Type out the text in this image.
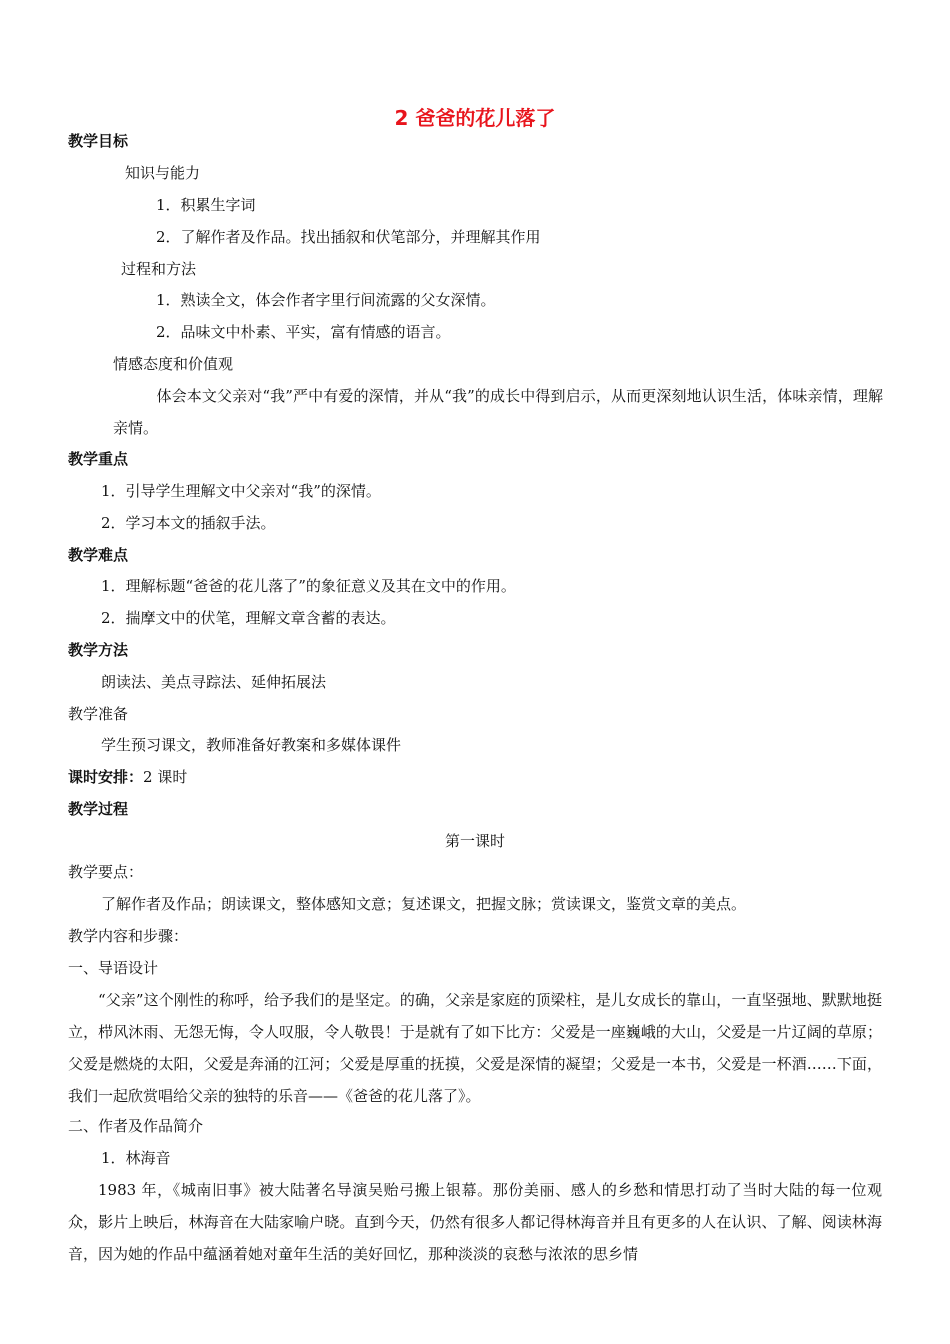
2 爸爸的花儿落了
教学目标
知识与能力
1．积累生字词
2．了解作者及作品。找出插叙和伏笔部分，并理解其作用
过程和方法
1．熟读全文，体会作者字里行间流露的父女深情。
2．品味文中朴素、平实，富有情感的语言。
情感态度和价值观
体会本文父亲对“我”严中有爱的深情，并从“我”的成长中得到启示，从而更深刻地认识生活，体味亲情，理解亲情。
教学重点
1．引导学生理解文中父亲对“我”的深情。
2．学习本文的插叙手法。
教学难点
1．理解标题“爸爸的花儿落了”的象征意义及其在文中的作用。
2．揣摩文中的伏笔，理解文章含蓄的表达。
教学方法
朗读法、美点寻踪法、延伸拓展法
教学准备
学生预习课文，教师准备好教案和多媒体课件
课时安排：2 课时
教学过程
第一课时
教学要点：
了解作者及作品；朗读课文，整体感知文意；复述课文，把握文脉；赏读课文，鉴赏文章的美点。
教学内容和步骤：
一、导语设计
“父亲”这个刚性的称呼，给予我们的是坚定。的确，父亲是家庭的顶梁柱，是儿女成长的靠山，一直坚强地、默默地挺立，栉风沐雨、无怨无悔，令人叹服，令人敬畏！于是就有了如下比方：父爱是一座巍峨的大山，父爱是一片辽阔的草原；父爱是燃烧的太阳，父爱是奔涌的江河；父爱是厚重的抚摸，父爱是深情的凝望；父爱是一本书，父爱是一杯酒……下面，我们一起欣赏唱给父亲的独特的乐音——《爸爸的花儿落了》。
二、作者及作品简介
1．林海音
1983 年，《城南旧事》被大陆著名导演吴贻弓搬上银幕。那份美丽、感人的乡愁和情思打动了当时大陆的每一位观众，影片上映后，林海音在大陆家喻户晓。直到今天，仍然有很多人都记得林海音并且有更多的人在认识、了解、阅读林海音，因为她的作品中蕴涵着她对童年生活的美好回忆，那种淡淡的哀愁与浓浓的思乡情
